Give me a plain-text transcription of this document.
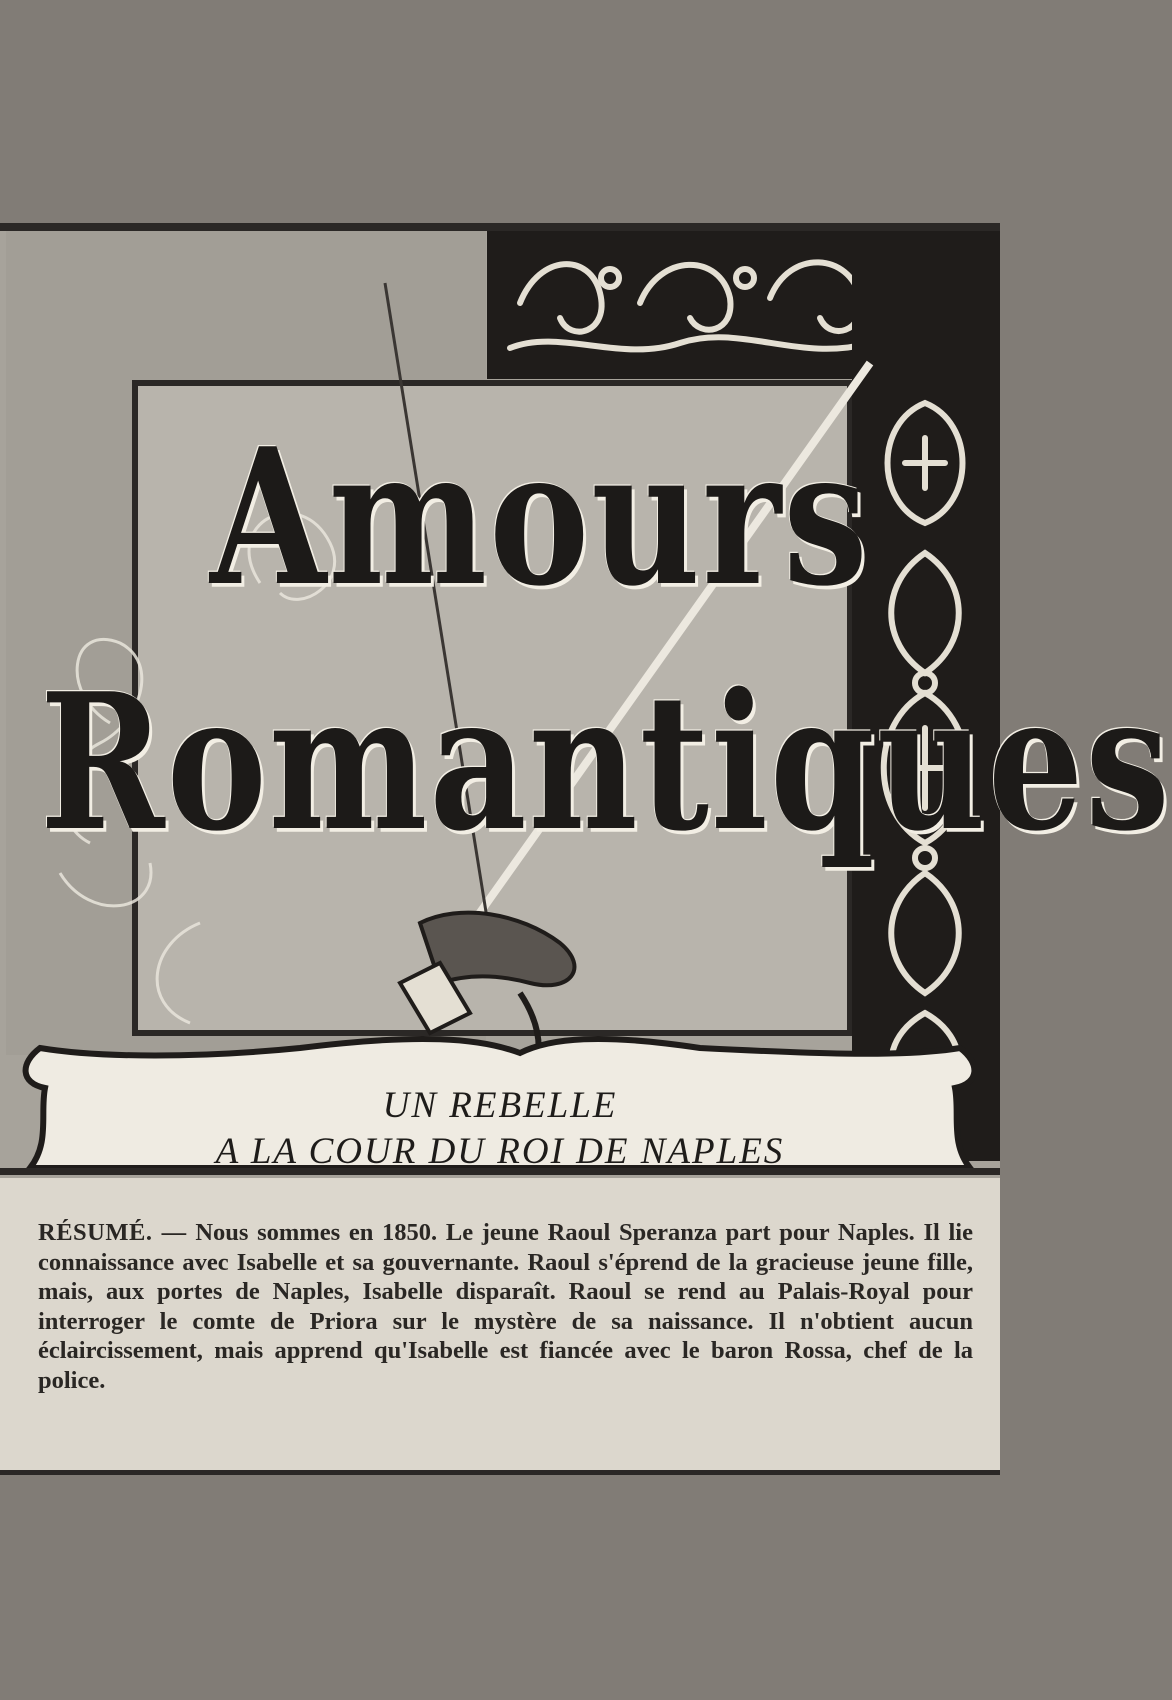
Amours
Romantiques
UN REBELLE
A LA COUR DU ROI DE NAPLES

RÉSUMÉ. — Nous sommes en 1850. Le jeune Raoul Speranza part pour Naples. Il lie connaissance avec Isabelle et sa gouvernante. Raoul s'éprend de la gracieuse jeune fille, mais, aux portes de Naples, Isabelle disparaît. Raoul se rend au Palais-Royal pour interroger le comte de Priora sur le mystère de sa naissance. Il n'obtient aucun éclaircissement, mais apprend qu'Isabelle est fiancée avec le baron Rossa, chef de la police.
